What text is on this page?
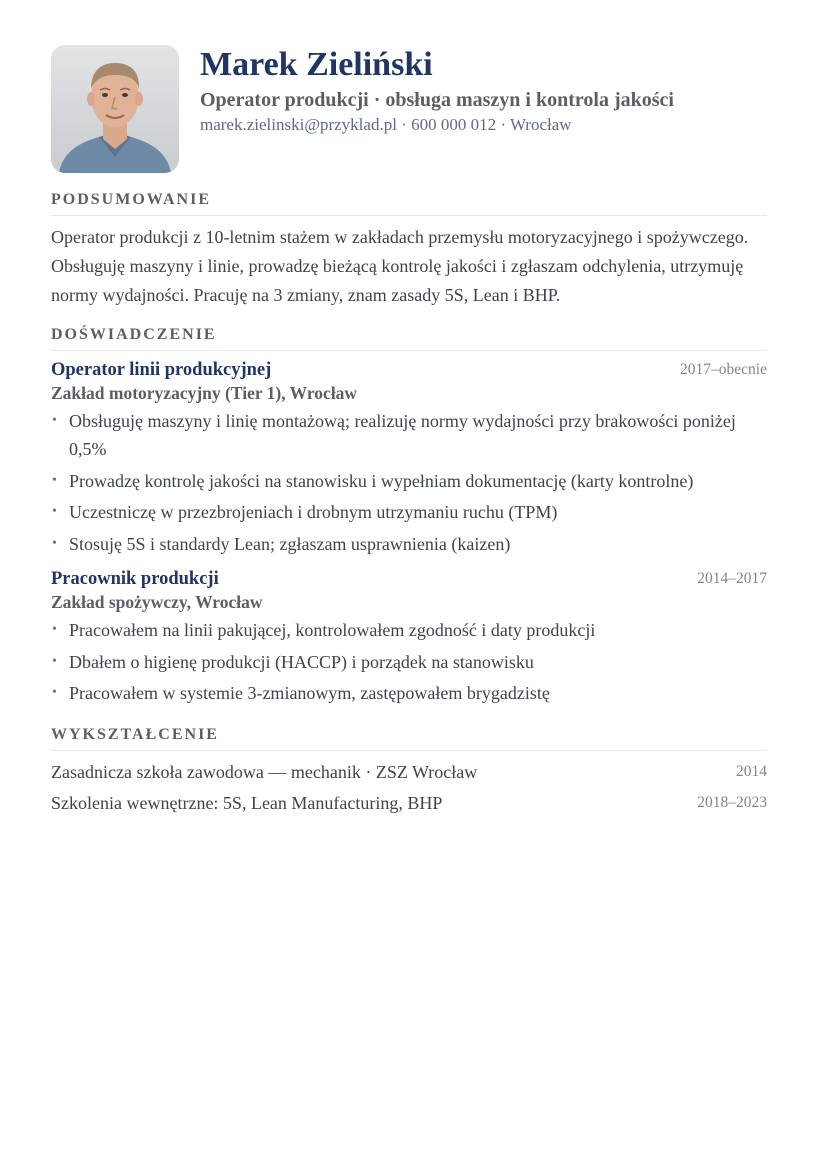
Marek Zieliński
Operator produkcji · obsługa maszyn i kontrola jakości
marek.zielinski@przyklad.pl · 600 000 012 · Wrocław
PODSUMOWANIE
Operator produkcji z 10-letnim stażem w zakładach przemysłu motoryzacyjnego i spożywczego. Obsługuję maszyny i linie, prowadzę bieżącą kontrolę jakości i zgłaszam odchylenia, utrzymuję normy wydajności. Pracuję na 3 zmiany, znam zasady 5S, Lean i BHP.
DOŚWIADCZENIE
Operator linii produkcyjnej	2017–obecnie
Zakład motoryzacyjny (Tier 1), Wrocław
• Obsługuję maszyny i linię montażową; realizuję normy wydajności przy brakowości poniżej 0,5%
• Prowadzę kontrolę jakości na stanowisku i wypełniam dokumentację (karty kontrolne)
• Uczestniczę w przezbrojeniach i drobnym utrzymaniu ruchu (TPM)
• Stosuję 5S i standardy Lean; zgłaszam usprawnienia (kaizen)
Pracownik produkcji	2014–2017
Zakład spożywczy, Wrocław
• Pracowałem na linii pakującej, kontrolowałem zgodność i daty produkcji
• Dbałem o higienę produkcji (HACCP) i porządek na stanowisku
• Pracowałem w systemie 3-zmianowym, zastępowałem brygadzistę
WYKSZTAŁCENIE
Zasadnicza szkoła zawodowa — mechanik · ZSZ Wrocław	2014
Szkolenia wewnętrzne: 5S, Lean Manufacturing, BHP	2018–2023
